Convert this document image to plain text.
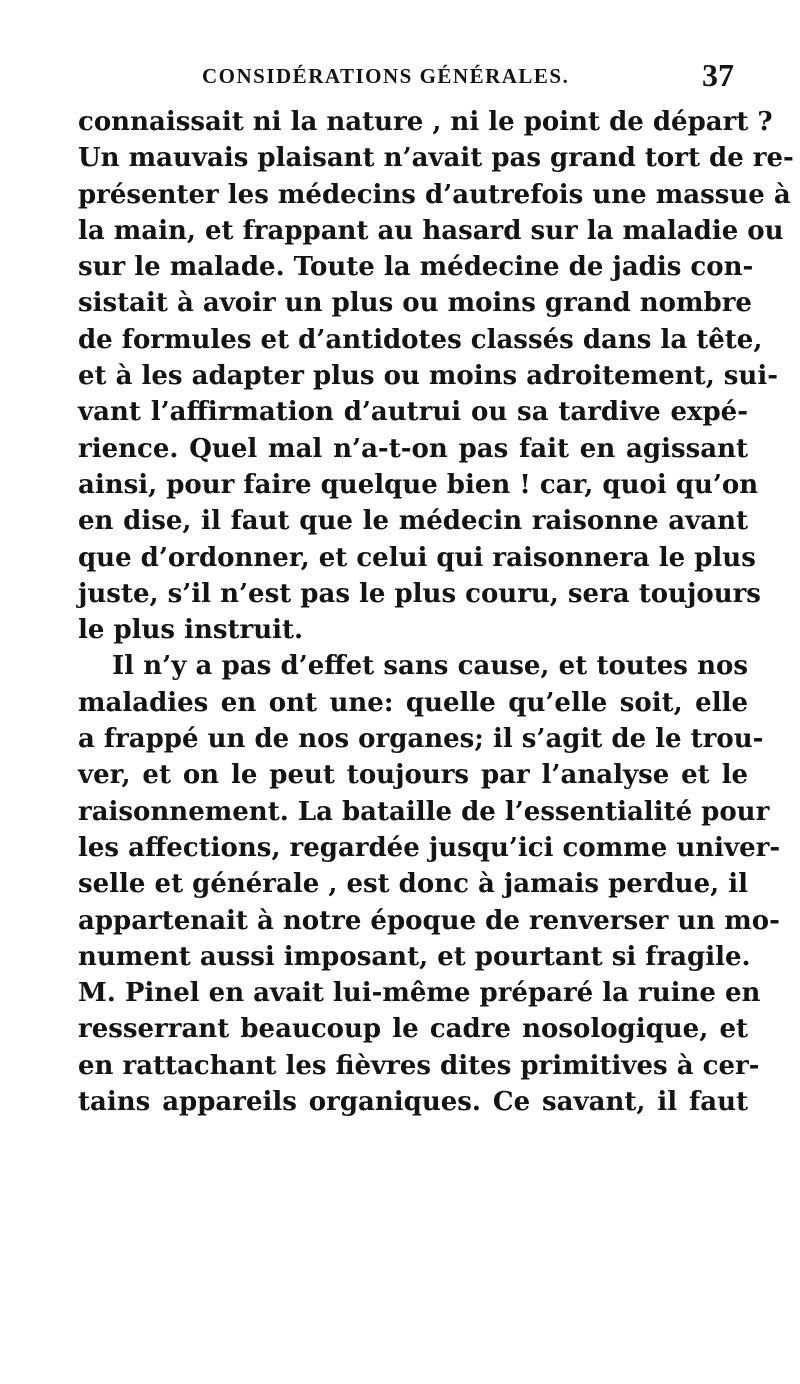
CONSIDÉRATIONS GÉNÉRALES.	37
connaissait ni la nature , ni le point de départ ?
Un mauvais plaisant n’avait pas grand tort de re-
présenter les médecins d’autrefois une massue à
la main, et frappant au hasard sur la maladie ou
sur le malade. Toute la médecine de jadis con-
sistait à avoir un plus ou moins grand nombre
de formules et d’antidotes classés dans la tête,
et à les adapter plus ou moins adroitement, sui-
vant l’affirmation d’autrui ou sa tardive expé-
rience. Quel mal n’a-t-on pas fait en agissant
ainsi, pour faire quelque bien ! car, quoi qu’on
en dise, il faut que le médecin raisonne avant
que d’ordonner, et celui qui raisonnera le plus
juste, s’il n’est pas le plus couru, sera toujours
le plus instruit.
Il n’y a pas d’effet sans cause, et toutes nos
maladies en ont une: quelle qu’elle soit, elle
a frappé un de nos organes; il s’agit de le trou-
ver, et on le peut toujours par l’analyse et le
raisonnement. La bataille de l’essentialité pour
les affections, regardée jusqu’ici comme univer-
selle et générale , est donc à jamais perdue, il
appartenait à notre époque de renverser un mo-
nument aussi imposant, et pourtant si fragile.
M. Pinel en avait lui-même préparé la ruine en
resserrant beaucoup le cadre nosologique, et
en rattachant les fièvres dites primitives à cer-
tains appareils organiques. Ce savant, il faut
